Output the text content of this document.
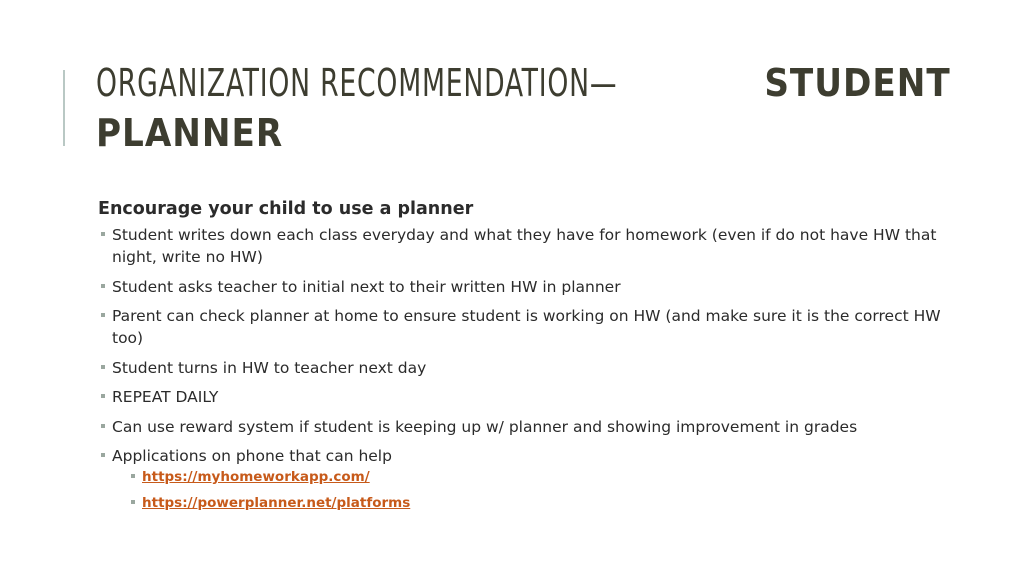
ORGANIZATION RECOMMENDATION—	STUDENT
PLANNER

Encourage your child to use a planner

Student writes down each class everyday and what they have for homework (even if do not have HW that night, write no HW)
Student asks teacher to initial next to their written HW in planner
Parent can check planner at home to ensure student is working on HW (and make sure it is the correct HW too)
Student turns in HW to teacher next day
REPEAT DAILY
Can use reward system if student is keeping up w/ planner and showing improvement in grades
Applications on phone that can help
https://myhomeworkapp.com/
https://powerplanner.net/platforms
